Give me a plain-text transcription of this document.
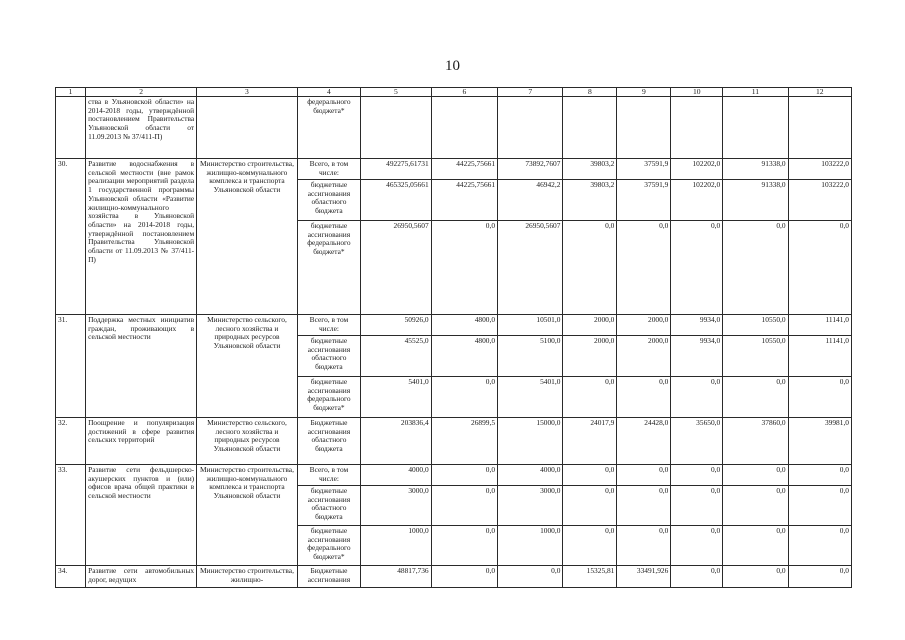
10
1	2	3	4	5	6	7	8	9	10	11	12
	ства в Ульяновской области» на 2014-2018 годы, утверждённой постановлением Правительства Ульяновской области от 11.09.2013 № 37/411-П)		федерального бюджета*								
30.	Развитие водоснабжения в сельской местности (вне рамок реализации мероприятий раздела 1 государственной программы Ульяновской области «Развитие жилищно-коммунального хозяйства в Ульяновской области» на 2014-2018 годы, утверждённой постановлением Правительства Ульяновской области от 11.09.2013 № 37/411-П)	Министерство строительства, жилищно-коммунального комплекса и транспорта Ульяновской области	Всего, в том числе:	492275,61731	44225,75661	73892,7607	39803,2	37591,9	102202,0	91338,0	103222,0
			бюджетные ассигнования областного бюджета	465325,05661	44225,75661	46942,2	39803,2	37591,9	102202,0	91338,0	103222,0
			бюджетные ассигнования федерального бюджета*	26950,5607	0,0	26950,5607	0,0	0,0	0,0	0,0	0,0
31.	Поддержка местных инициатив граждан, проживающих в сельской местности	Министерство сельского, лесного хозяйства и природных ресурсов Ульяновской области	Всего, в том числе:	50926,0	4800,0	10501,0	2000,0	2000,0	9934,0	10550,0	11141,0
			бюджетные ассигнования областного бюджета	45525,0	4800,0	5100,0	2000,0	2000,0	9934,0	10550,0	11141,0
			бюджетные ассигнования федерального бюджета*	5401,0	0,0	5401,0	0,0	0,0	0,0	0,0	0,0
32.	Поощрение и популяризация достижений в сфере развития сельских территорий	Министерство сельского, лесного хозяйства и природных ресурсов Ульяновской области	Бюджетные ассигнования областного бюджета	203836,4	26899,5	15000,0	24017,9	24428,0	35650,0	37860,0	39981,0
33.	Развитие сети фельдшерско-акушерских пунктов и (или) офисов врача общей практики в сельской местности	Министерство строительства, жилищно-коммунального комплекса и транспорта Ульяновской области	Всего, в том числе:	4000,0	0,0	4000,0	0,0	0,0	0,0	0,0	0,0
			бюджетные ассигнования областного бюджета	3000,0	0,0	3000,0	0,0	0,0	0,0	0,0	0,0
			бюджетные ассигнования федерального бюджета*	1000,0	0,0	1000,0	0,0	0,0	0,0	0,0	0,0
34.	Развитие сети автомобильных дорог, ведущих	Министерство строительства, жилищно-	Бюджетные ассигнования	48817,736	0,0	0,0	15325,81	33491,926	0,0	0,0	0,0
